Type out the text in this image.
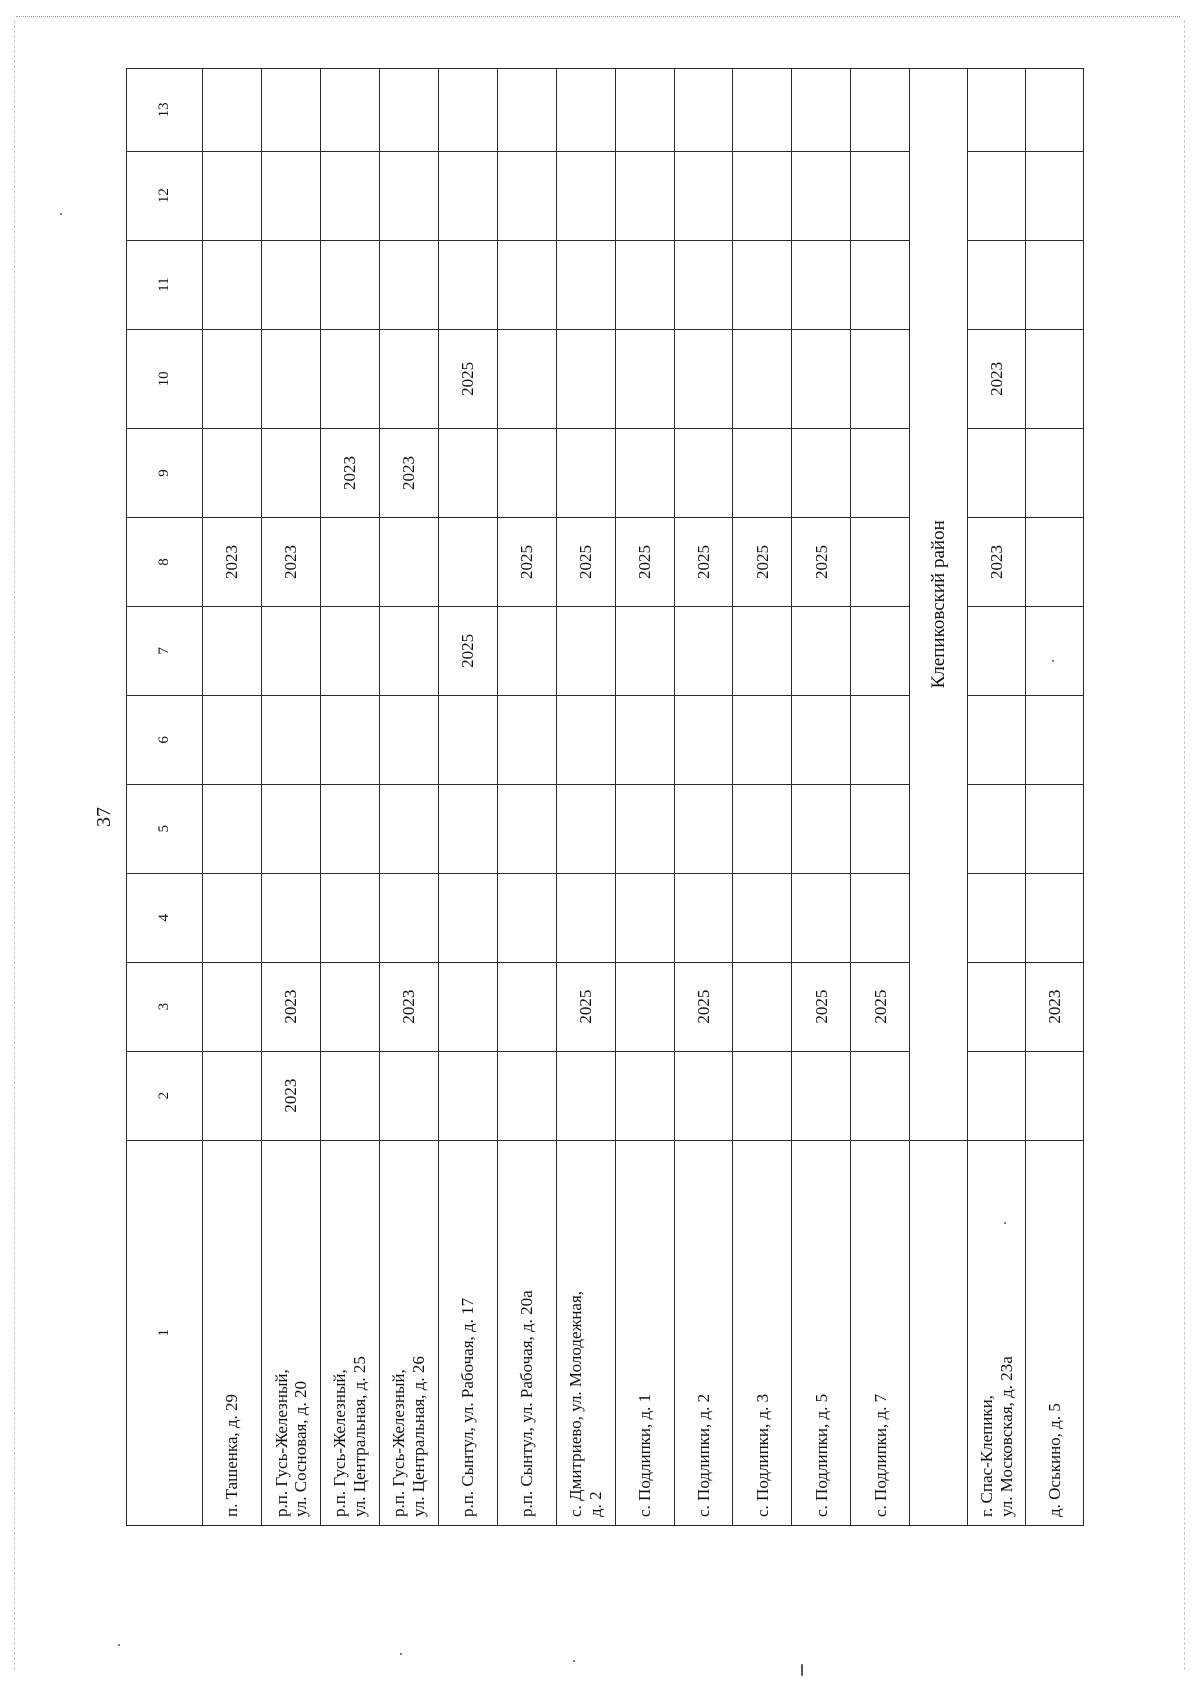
37
1	2	3	4	5	6	7	8	9	10	11	12	13
п. Ташенка, д. 29							2023					
р.п. Гусь-Железный,
ул. Сосновая, д. 20	2023	2023					2023					
р.п. Гусь-Железный,
ул. Центральная, д. 25								2023				
р.п. Гусь-Железный,
ул. Центральная, д. 26		2023						2023				
р.п. Сынтул, ул. Рабочая, д. 17						2025			2025			
р.п. Сынтул, ул. Рабочая, д. 20а							2025					
с. Дмитриево, ул. Молодежная,
д. 2		2025					2025					
с. Подлипки, д. 1							2025					
с. Подлипки, д. 2		2025					2025					
с. Подлипки, д. 3							2025					
с. Подлипки, д. 5		2025					2025					
с. Подлипки, д. 7		2025										
	Клепиковский район											
г. Спас-Клепики,
ул. Московская, д. 23а							2023		2023			
д. Оськино, д. 5		2023										
